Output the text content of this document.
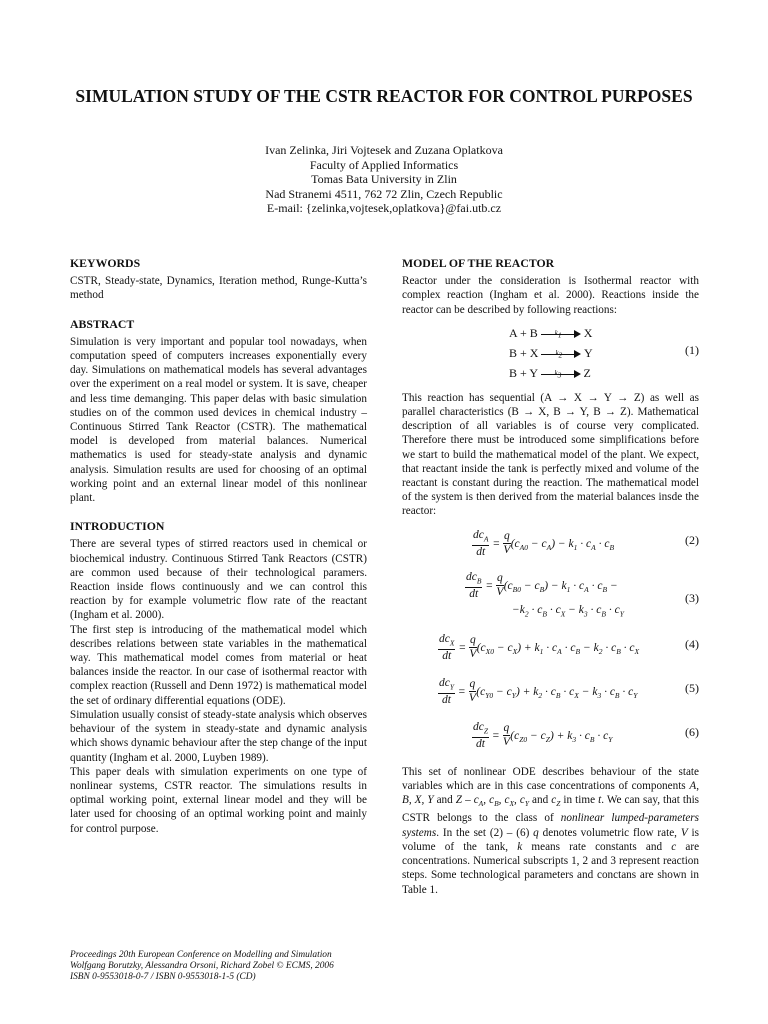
SIMULATION STUDY OF THE CSTR REACTOR FOR CONTROL PURPOSES
Ivan Zelinka, Jiri Vojtesek and Zuzana Oplatkova
Faculty of Applied Informatics
Tomas Bata University in Zlin
Nad Stranemi 4511, 762 72 Zlin, Czech Republic
E-mail: {zelinka,vojtesek,oplatkova}@fai.utb.cz
KEYWORDS
CSTR, Steady-state, Dynamics, Iteration method, Runge-Kutta’s method
ABSTRACT
Simulation is very important and popular tool nowadays, when computation speed of computers increases exponentially every day. Simulations on mathematical models has several advantages over the experiment on a real model or system. It is save, cheaper and less time demanging. This paper delas with basic simulation studies on of the common used devices in chemical industry – Continuous Stirred Tank Reactor (CSTR). The mathematical model is developed from material balances. Numerical mathematics is used for steady-state analysis and dynamic analysis. Simulation results are used for choosing of an optimal working point and an external linear model of this nonlinear plant.
INTRODUCTION
There are several types of stirred reactors used in chemical or biochemical industry. Continuous Stirred Tank Reactors (CSTR) are common used because of their technological paramers. Reaction inside flows continuously and we can control this reaction by for example volumetric flow rate of the reactant (Ingham et al. 2000).
The first step is introducing of the mathematical model which describes relations between state variables in the mathematical way. This mathematical model comes from material or heat balances inside the reactor. In our case of isothermal reactor with complex reaction (Russell and Denn 1972) is mathematical model the set of ordinary differential equations (ODE).
Simulation usually consist of steady-state analysis which observes behaviour of the system in steady-state and dynamic analysis which shows dynamic behaviour after the step change of the input quantity (Ingham et al. 2000, Luyben 1989).
This paper deals with simulation experiments on one type of nonlinear systems, CSTR reactor. The simulations results in optimal working point, external linear model and they will be later used for choosing of an optimal working point and mainly for control purpose.
MODEL OF THE REACTOR
Reactor under the consideration is Isothermal reactor with complex reaction (Ingham et al. 2000). Reactions inside the reactor can be described by following reactions:
A + B $k_1$ X
B + X $k_2$ Y
B + Y $k_3$ Z
(1)
This reaction has sequential (A → X → Y → Z) as well as parallel characteristics (B → X, B → Y, B → Z). Mathematical description of all variables is of course very complicated. Therefore there must be introduced some simplifications before we start to build the mathematical model of the plant. We expect, that reactant inside the tank is perfectly mixed and volume of the reactant is constant during the reaction. The mathematical model of the system is then derived from the material balances insde the reactor:
$\frac{dc_A}{dt} = \frac{q}{V} (c_{A0} - c_A) - k_1 \cdot c_A \cdot c_B$
(2)
$\frac{dc_B}{dt} = \frac{q}{V} (c_{B0} - c_B) - k_1 \cdot c_A \cdot c_B$ −
$-k_2 \cdot c_B \cdot c_X - k_3 \cdot c_B \cdot c_Y$
(3)
$\frac{dc_X}{dt} = \frac{q}{V} (c_{X0} - c_X) + k_1 \cdot c_A \cdot c_B - k_2 \cdot c_B \cdot c_X$
(4)
$\frac{dc_Y}{dt} = \frac{q}{V} (c_{Y0} - c_Y) + k_2 \cdot c_B \cdot c_X - k_3 \cdot c_B \cdot c_Y$
(5)
$\frac{dc_Z}{dt} = \frac{q}{V} (c_{Z0} - c_Z) + k_3 \cdot c_B \cdot c_Y$
(6)
This set of nonlinear ODE describes behaviour of the state variables which are in this case concentrations of components A, B, X, Y and Z – $c_A$, $c_B$, $c_X$, $c_Y$ and $c_Z$ in time t. We can say, that this CSTR belongs to the class of nonlinear lumped-parameters systems. In the set (2) – (6) q denotes volumetric flow rate, V is volume of the tank, k means rate constants and c are concentrations. Numerical subscripts 1, 2 and 3 represent reaction steps. Some technological parameters and conctans are shown in Table 1.
Proceedings 20th European Conference on Modelling and Simulation
Wolfgang Borutzky, Alessandra Orsoni, Richard Zobel © ECMS, 2006
ISBN 0-9553018-0-7 / ISBN 0-9553018-1-5 (CD)
